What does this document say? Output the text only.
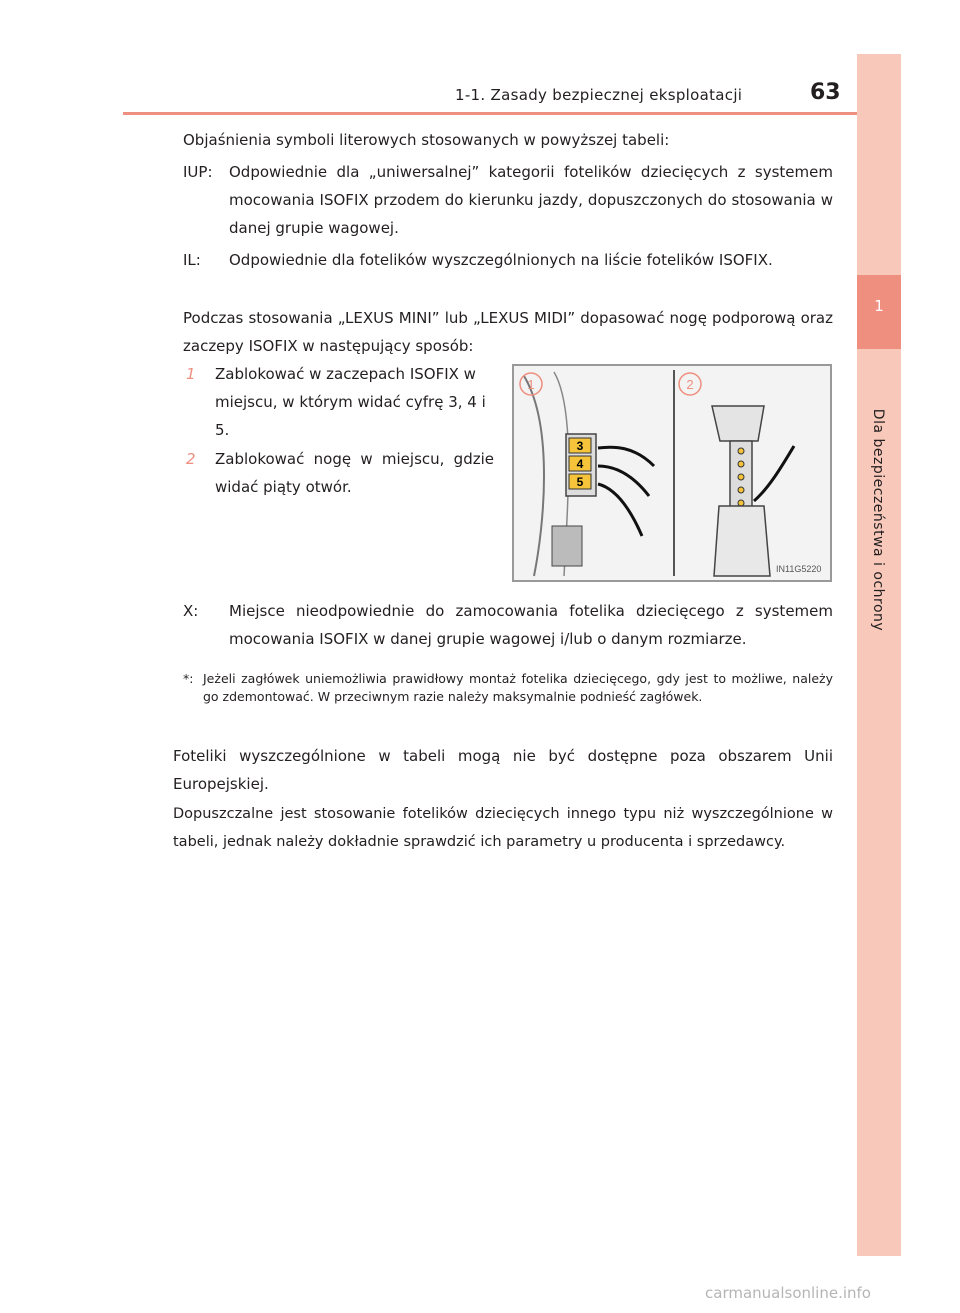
1
Dla bezpieczeństwa i ochrony
1-1. Zasady bezpiecznej eksploatacji	63
Objaśnienia symboli literowych stosowanych w powyższej tabeli:
IUP: Odpowiednie dla „uniwersalnej” kategorii fotelików dziecięcych z systemem mocowania ISOFIX przodem do kierunku jazdy, dopuszczonych do stosowania w danej grupie wagowej.
IL: Odpowiednie dla fotelików wyszczególnionych na liście fotelików ISOFIX.
Podczas stosowania „LEXUS MINI” lub „LEXUS MIDI” dopasować nogę podporową oraz zaczepy ISOFIX w następujący sposób:
1 Zablokować w zaczepach ISOFIX w miejscu, w którym widać cyfrę 3, 4 i 5.
2 Zablokować nogę w miejscu, gdzie widać piąty otwór.
3
4
5
1	2
IN11G5220
X: Miejsce nieodpowiednie do zamocowania fotelika dziecięcego z systemem mocowania ISOFIX w danej grupie wagowej i/lub o danym rozmiarze.
*: Jeżeli zagłówek uniemożliwia prawidłowy montaż fotelika dziecięcego, gdy jest to możliwe, należy go zdemontować. W przeciwnym razie należy maksymalnie podnieść zagłówek.
Foteliki wyszczególnione w tabeli mogą nie być dostępne poza obszarem Unii Europejskiej.
Dopuszczalne jest stosowanie fotelików dziecięcych innego typu niż wyszczególnione w tabeli, jednak należy dokładnie sprawdzić ich parametry u producenta i sprzedawcy.
carmanualsonline.info
